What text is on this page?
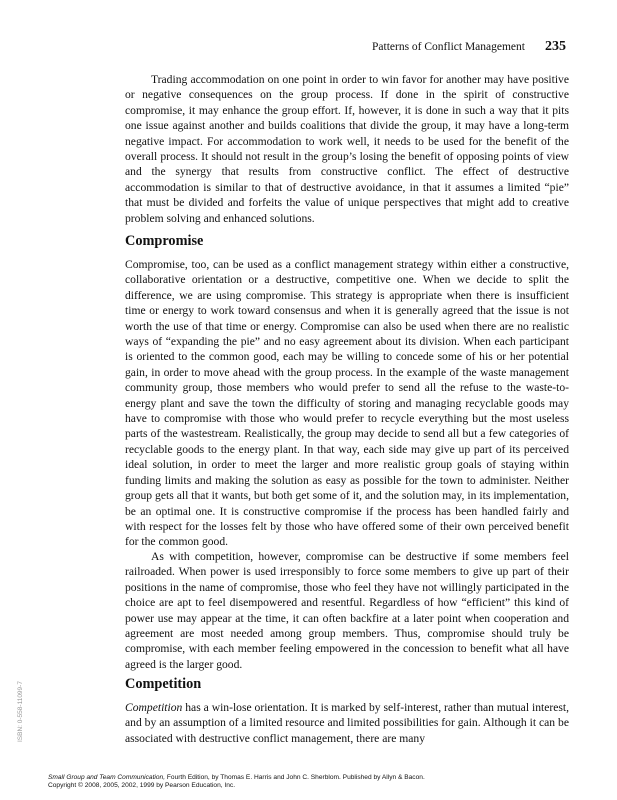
Patterns of Conflict Management 235

Trading accommodation on one point in order to win favor for another may have positive or negative consequences on the group process. If done in the spirit of constructive compromise, it may enhance the group effort. If, however, it is done in such a way that it pits one issue against another and builds coalitions that divide the group, it may have a long-term negative impact. For accommodation to work well, it needs to be used for the benefit of the overall process. It should not result in the group’s losing the benefit of opposing points of view and the synergy that results from constructive conflict. The effect of destructive accommodation is similar to that of destructive avoidance, in that it assumes a limited “pie” that must be divided and forfeits the value of unique perspectives that might add to creative problem solving and enhanced solutions.

Compromise

Compromise, too, can be used as a conflict management strategy within either a constructive, collaborative orientation or a destructive, competitive one. When we decide to split the difference, we are using compromise. This strategy is appropriate when there is insufficient time or energy to work toward consensus and when it is generally agreed that the issue is not worth the use of that time or energy. Compromise can also be used when there are no realistic ways of “expanding the pie” and no easy agreement about its division. When each participant is oriented to the common good, each may be willing to concede some of his or her potential gain, in order to move ahead with the group process. In the example of the waste management community group, those members who would prefer to send all the refuse to the waste-to-energy plant and save the town the difficulty of storing and managing recyclable goods may have to compromise with those who would prefer to recycle everything but the most useless parts of the wastestream. Realistically, the group may decide to send all but a few categories of recyclable goods to the energy plant. In that way, each side may give up part of its perceived ideal solution, in order to meet the larger and more realistic group goals of staying within funding limits and making the solution as easy as possible for the town to administer. Neither group gets all that it wants, but both get some of it, and the solution may, in its implementation, be an optimal one. It is constructive compromise if the process has been handled fairly and with respect for the losses felt by those who have offered some of their own perceived benefit for the common good.

As with competition, however, compromise can be destructive if some members feel railroaded. When power is used irresponsibly to force some members to give up part of their positions in the name of compromise, those who feel they have not willingly participated in the choice are apt to feel disempowered and resentful. Regardless of how “efficient” this kind of power use may appear at the time, it can often backfire at a later point when cooperation and agreement are most needed among group members. Thus, compromise should truly be compromise, with each member feeling empowered in the concession to benefit what all have agreed is the larger good.

Competition

Competition has a win-lose orientation. It is marked by self-interest, rather than mutual interest, and by an assumption of a limited resource and limited possibilities for gain. Although it can be associated with destructive conflict management, there are many

ISBN: 0-558-11099-7
Small Group and Team Communication, Fourth Edition, by Thomas E. Harris and John C. Sherblom. Published by Allyn & Bacon.
Copyright © 2008, 2005, 2002, 1999 by Pearson Education, Inc.
